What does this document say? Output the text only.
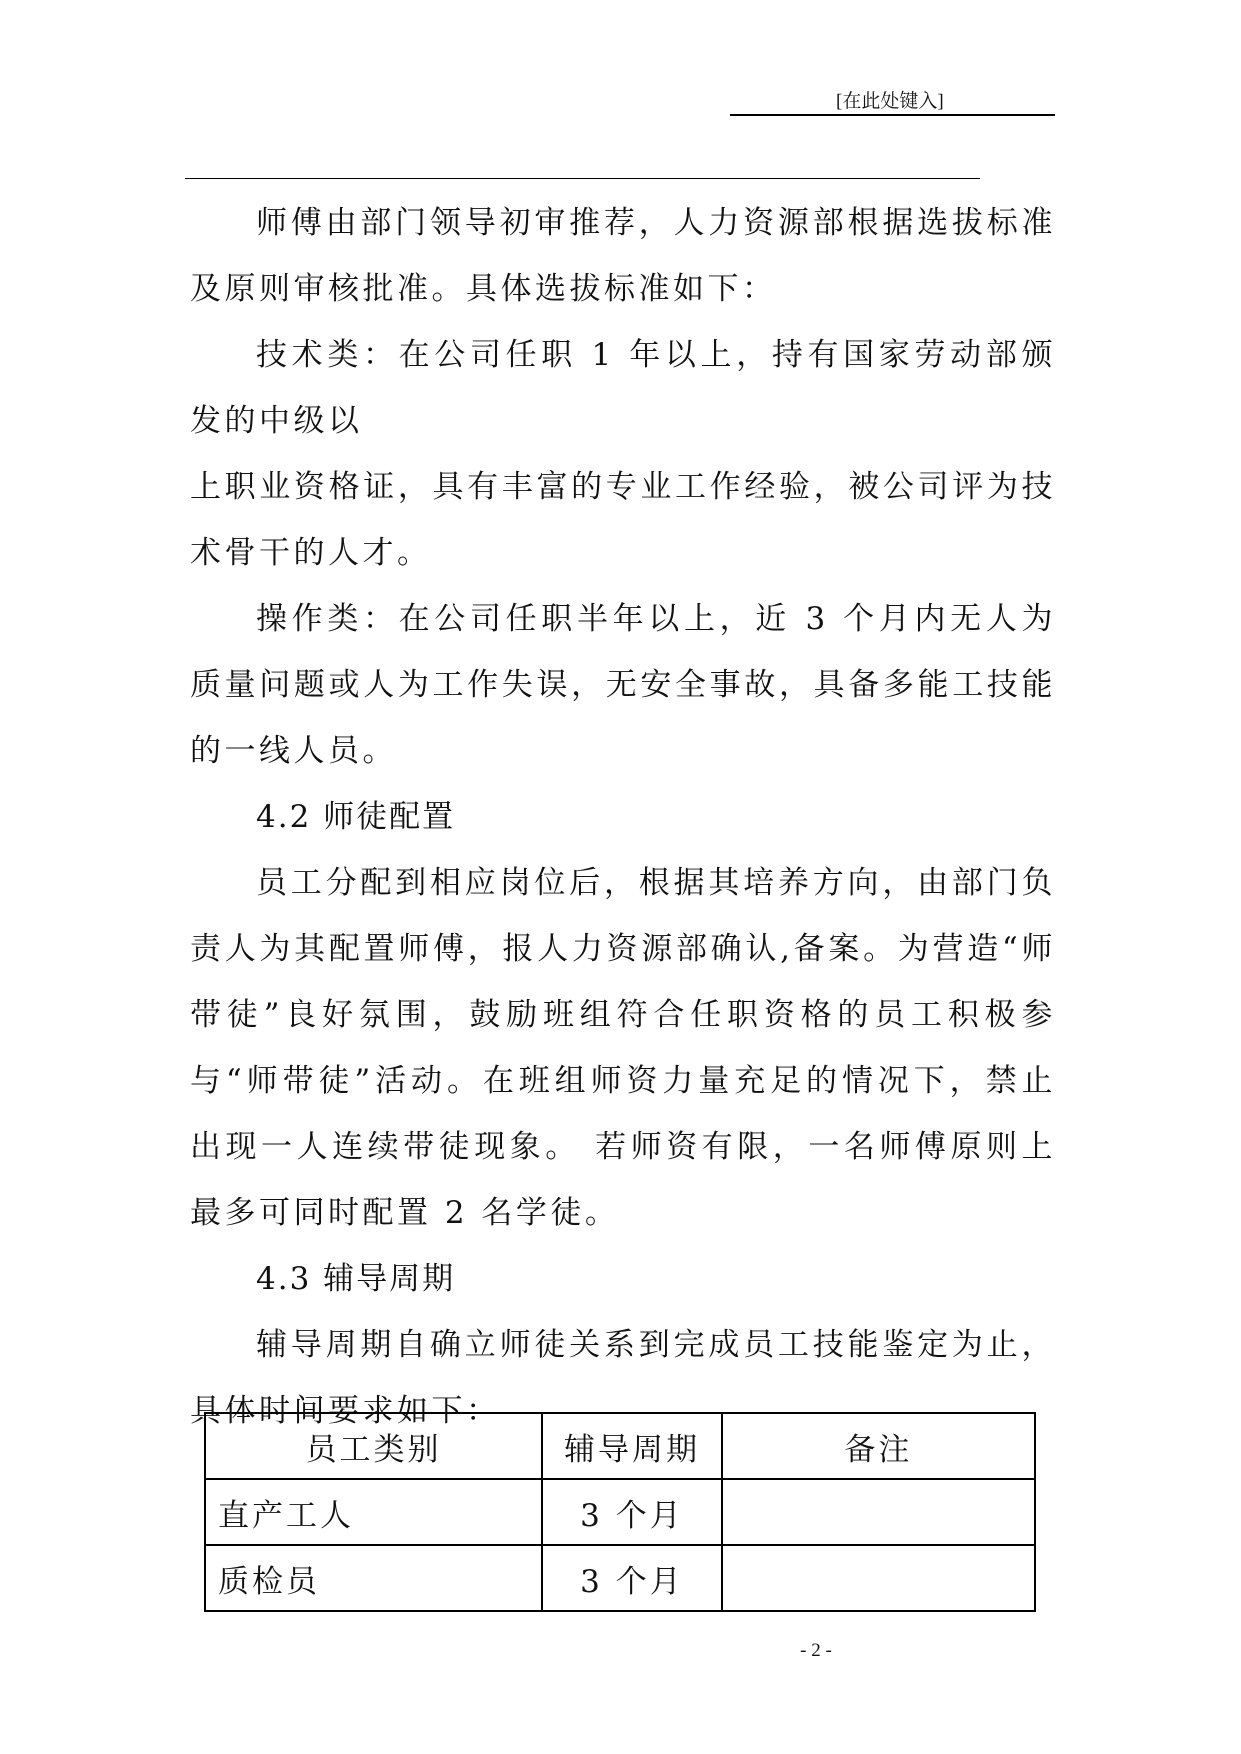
[在此处键入]

师傅由部门领导初审推荐，人力资源部根据选拔标准及原则审核批准。具体选拔标准如下：

技术类：在公司任职 1 年以上，持有国家劳动部颁发的中级以

上职业资格证，具有丰富的专业工作经验，被公司评为技术骨干的人才。

操作类：在公司任职半年以上，近 3 个月内无人为质量问题或人为工作失误，无安全事故，具备多能工技能的一线人员。

4.2 师徒配置

员工分配到相应岗位后，根据其培养方向，由部门负责人为其配置师傅，报人力资源部确认,备案。为营造“师带徒”良好氛围，鼓励班组符合任职资格的员工积极参与“师带徒”活动。在班组师资力量充足的情况下，禁止出现一人连续带徒现象。 若师资有限，一名师傅原则上最多可同时配置 2 名学徒。

4.3 辅导周期

辅导周期自确立师徒关系到完成员工技能鉴定为止，具体时间要求如下：

员工类别	辅导周期	备注
直产工人	3 个月	
质检员	3 个月	
- 2 -
